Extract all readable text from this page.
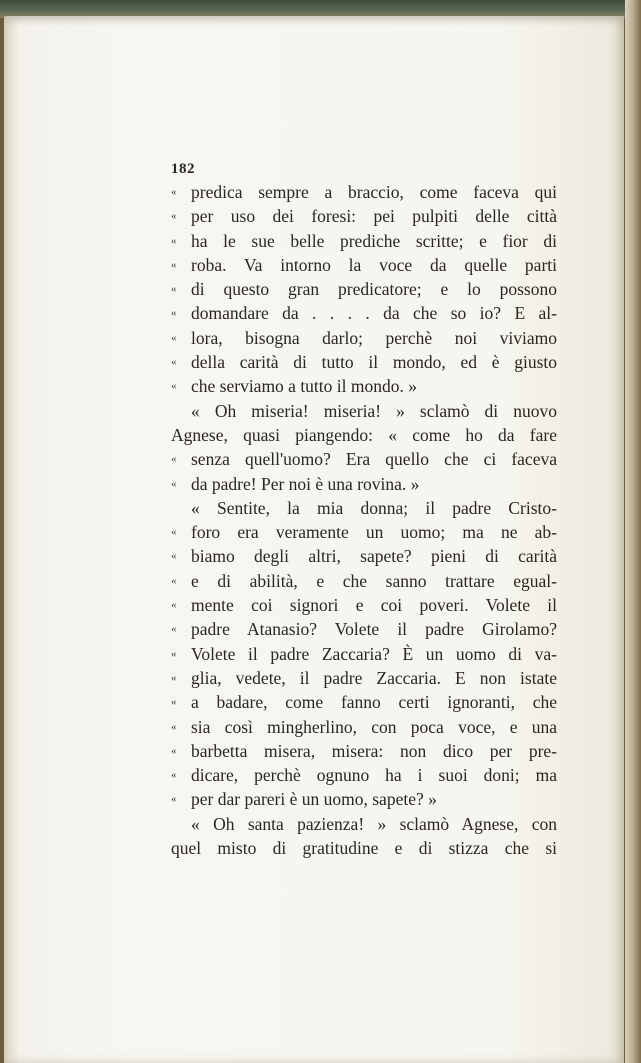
182
« predica sempre a braccio, come faceva qui
« per uso dei foresi: pei pulpiti delle città
« ha le sue belle prediche scritte; e fior di
« roba. Va intorno la voce da quelle parti
« di questo gran predicatore; e lo possono
« domandare da . . . . da che so io? E al-
« lora, bisogna darlo; perchè noi viviamo
« della carità di tutto il mondo, ed è giusto
« che serviamo a tutto il mondo. »
« Oh miseria! miseria! » sclamò di nuovo
Agnese, quasi piangendo: « come ho da fare
« senza quell'uomo? Era quello che ci faceva
« da padre! Per noi è una rovina. »
« Sentite, la mia donna; il padre Cristo-
« foro era veramente un uomo; ma ne ab-
« biamo degli altri, sapete? pieni di carità
« e di abilità, e che sanno trattare egual-
« mente coi signori e coi poveri. Volete il
« padre Atanasio? Volete il padre Girolamo?
« Volete il padre Zaccaria? È un uomo di va-
« glia, vedete, il padre Zaccaria. E non istate
« a badare, come fanno certi ignoranti, che
« sia così mingherlino, con poca voce, e una
« barbetta misera, misera: non dico per pre-
« dicare, perchè ognuno ha i suoi doni; ma
« per dar pareri è un uomo, sapete? »
« Oh santa pazienza! » sclamò Agnese, con
quel misto di gratitudine e di stizza che si
